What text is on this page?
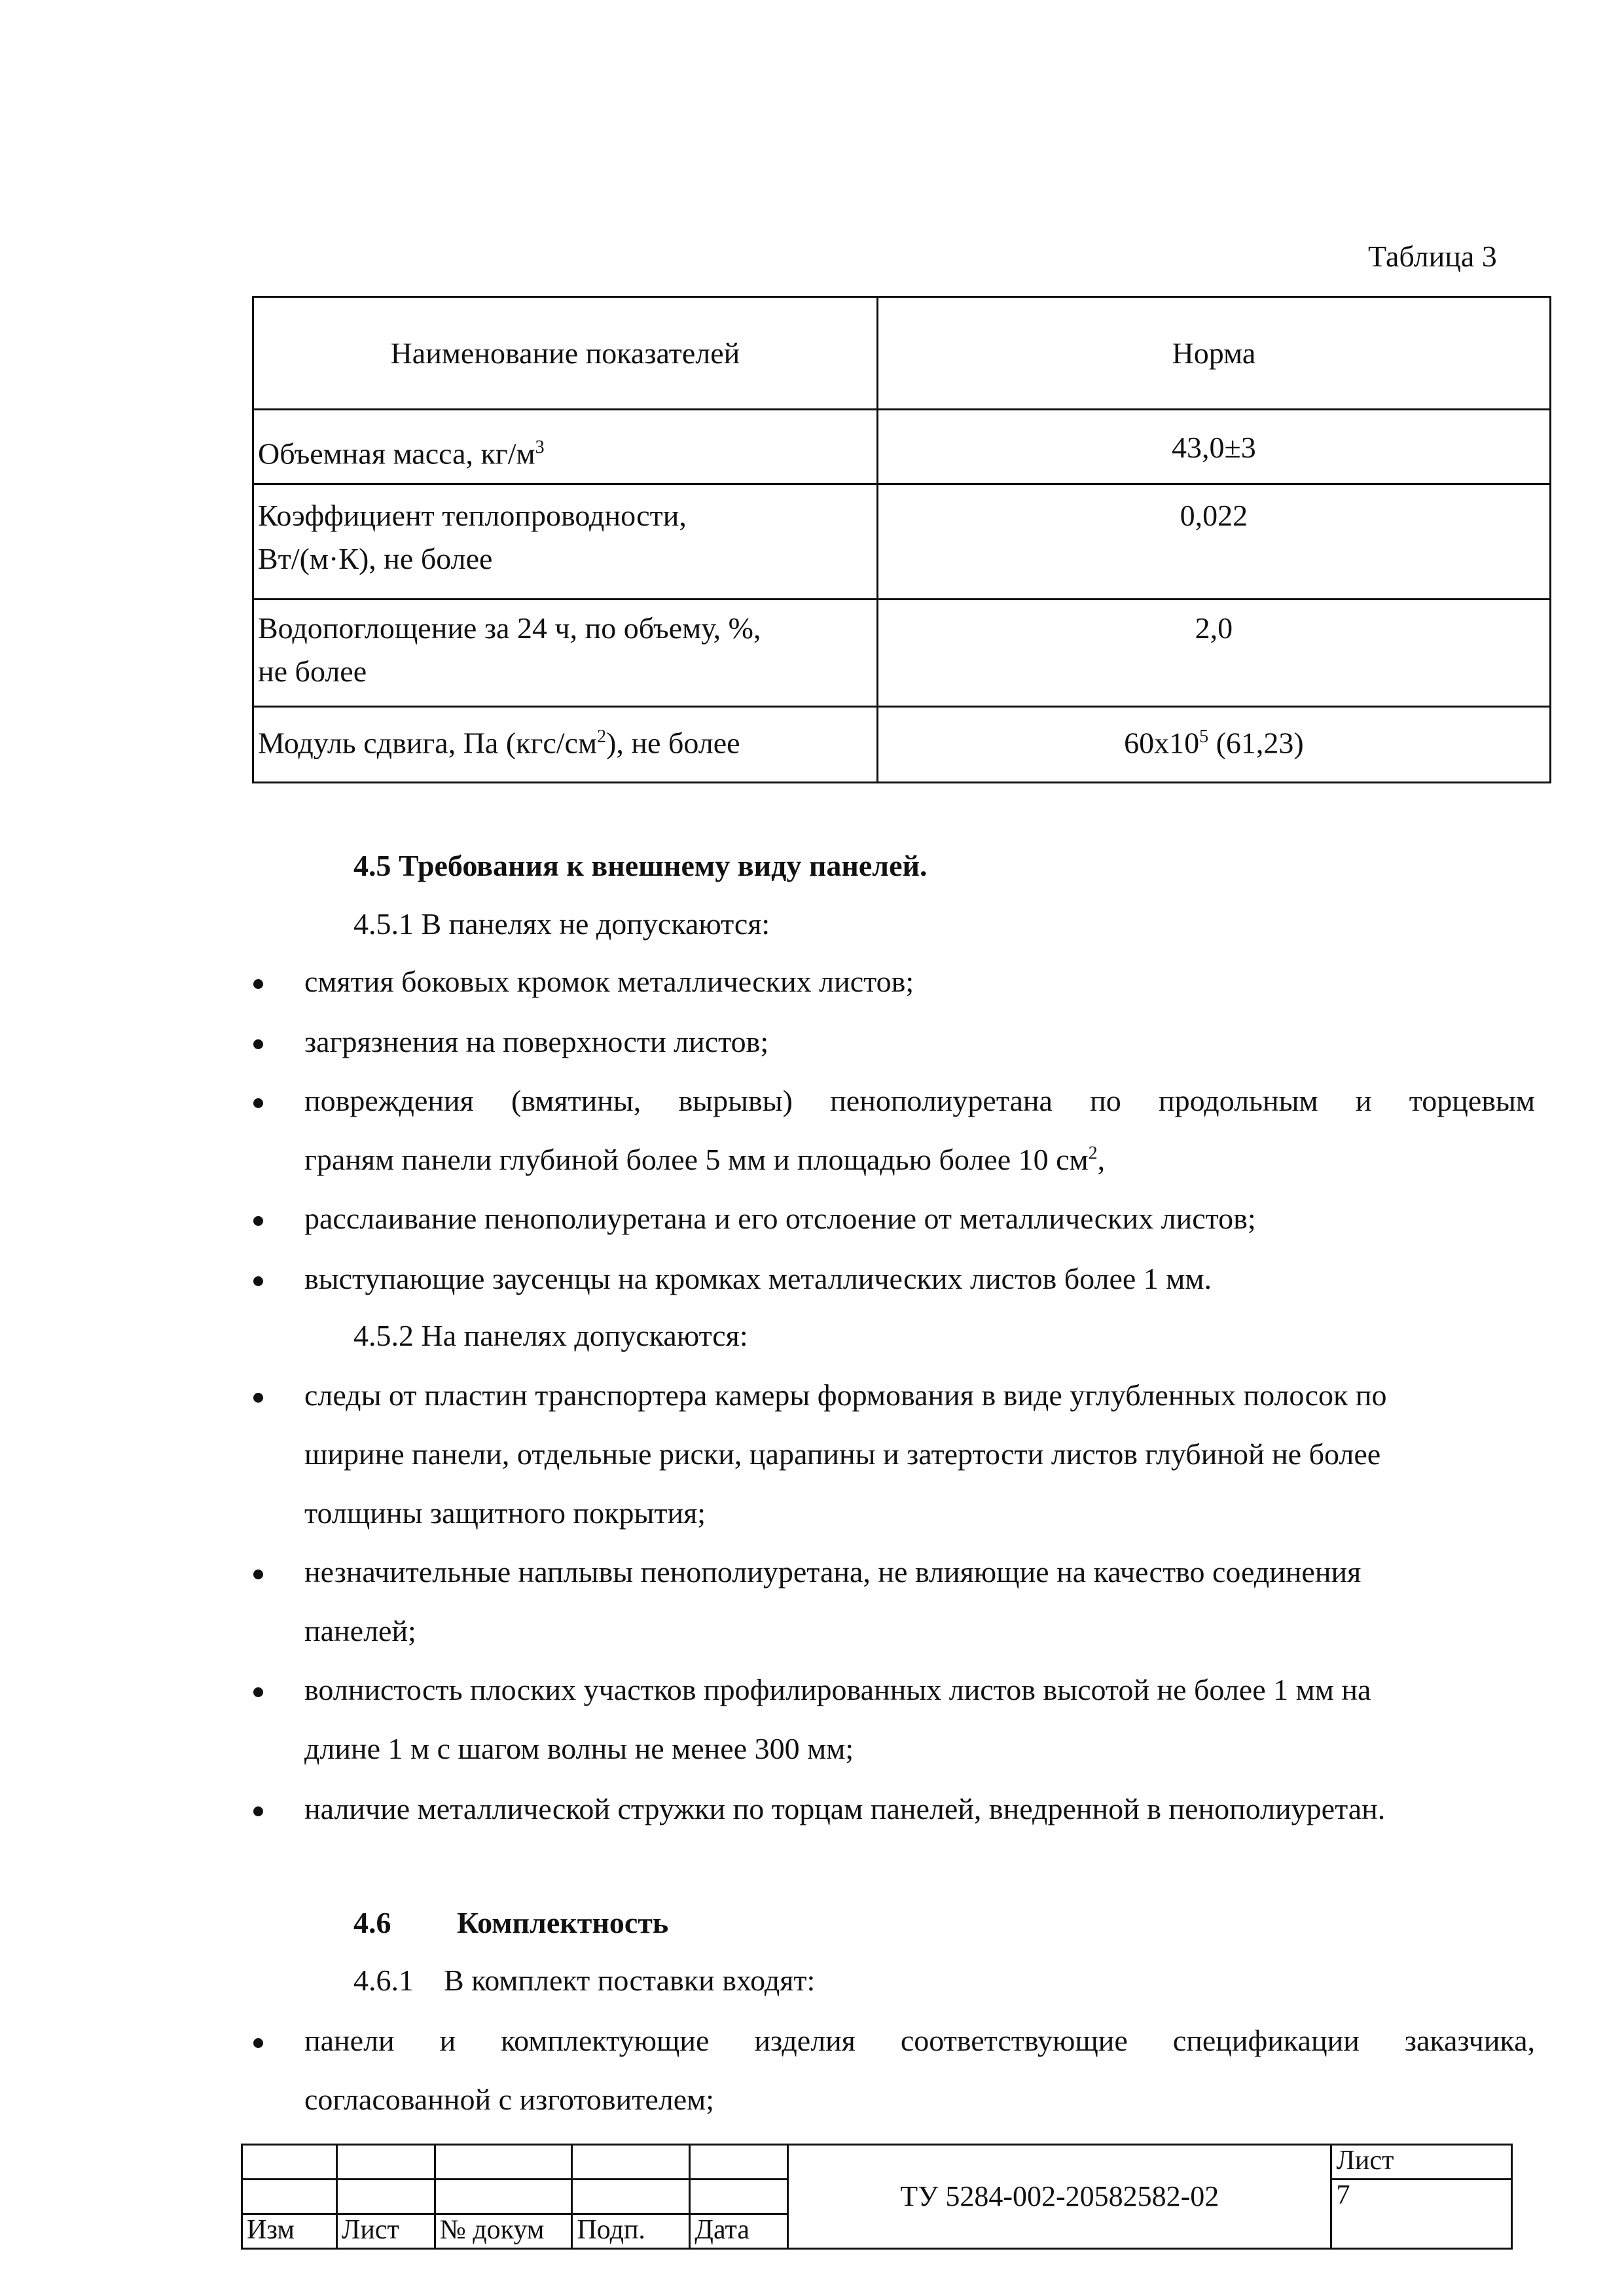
Таблица 3
Наименование показателей	Норма
Объемная масса, $кг/м^3$	43,0±3
Коэффициент теплопроводности,
Вт/(м·К), не более	0,022
Водопоглощение за 24 ч, по объему, %,
не более	2,0
Модуль сдвига, Па $(кгс/см^2)$, не более	$60х10^5$ (61,23)
4.5 Требования к внешнему виду панелей.
4.5.1 В панелях не допускаются:
смятия боковых кромок металлических листов;
загрязнения на поверхности листов;
повреждения (вмятины, вырывы) пенополиуретана по продольным и торцевым
граням панели глубиной более 5 мм и площадью более 10 $см^2$,
расслаивание пенополиуретана и его отслоение от металлических листов;
выступающие заусенцы на кромках металлических листов более 1 мм.
4.5.2 На панелях допускаются:
следы от пластин транспортера камеры формования в виде углубленных полосок по
ширине панели, отдельные риски, царапины и затертости листов глубиной не более
толщины защитного покрытия;
незначительные наплывы пенополиуретана, не влияющие на качество соединения
панелей;
волнистость плоских участков профилированных листов высотой не более 1 мм на
длине 1 м с шагом волны не менее 300 мм;
наличие металлической стружки по торцам панелей, внедренной в пенополиуретан.
4.6 Комплектность
4.6.1    В комплект поставки входят:
панели и комплектующие изделия соответствующие спецификации заказчика,
согласованной с изготовителем;
					ТУ 5284-002-20582582-02	Лист
						7
Изм	Лист	№ докум	Подп.	Дата		
